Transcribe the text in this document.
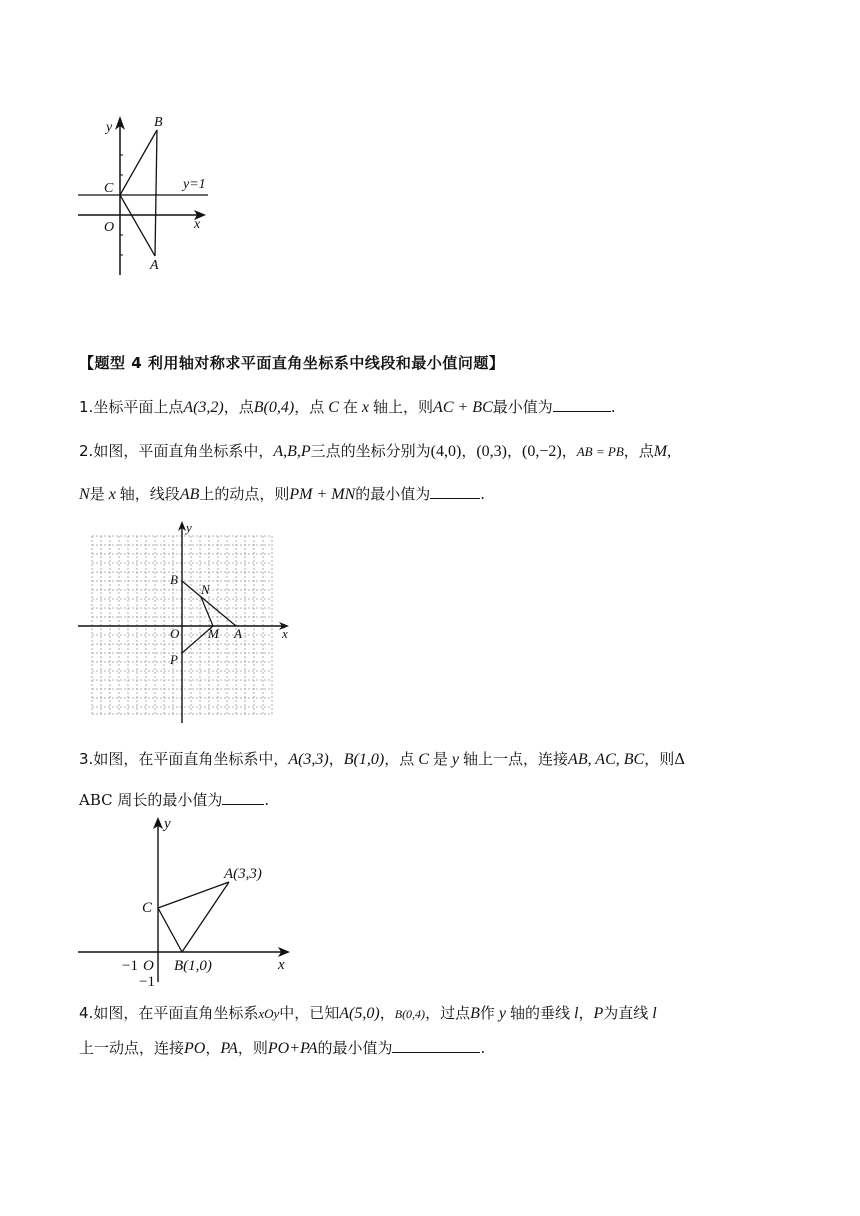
y	B
C	y=1
O	x
A
【题型 4 利用轴对称求平面直角坐标系中线段和最小值问题】
1.坐标平面上点A(3,2)，点B(0,4)，点 C 在 x 轴上，则AC + BC最小值为	.
2.如图，平面直角坐标系中，A,B,P三点的坐标分别为(4,0)，(0,3)，(0,−2)，AB = PB，点M,
N是 x 轴，线段AB上的动点，则PM + MN的最小值为	.
y
B
N
O M A	x
P
3.如图，在平面直角坐标系中，A(3,3)，B(1,0)，点 C 是 y 轴上一点，连接AB, AC, BC，则Δ
ABC 周长的最小值为	.
y
A(3,3)
C
−1 O
−1
B(1,0)	x
4.如图，在平面直角坐标系xOy中，已知A(5,0)，B(0,4)，过点B作 y 轴的垂线 l，P为直线 l
上一动点，连接PO，PA，则PO+PA的最小值为	.
